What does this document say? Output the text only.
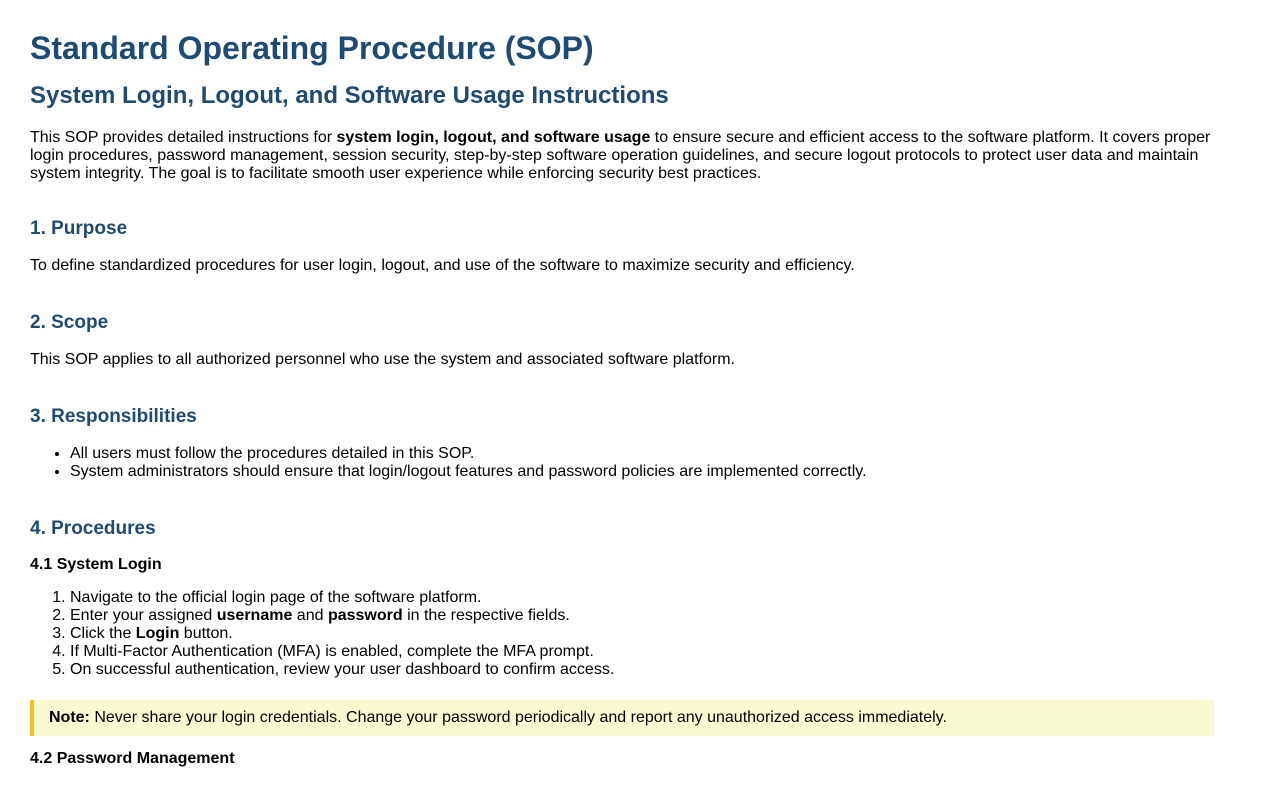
Standard Operating Procedure (SOP)
System Login, Logout, and Software Usage Instructions

This SOP provides detailed instructions for system login, logout, and software usage to ensure secure and efficient access to the software platform. It covers proper login procedures, password management, session security, step-by-step software operation guidelines, and secure logout protocols to protect user data and maintain system integrity. The goal is to facilitate smooth user experience while enforcing security best practices.

1. Purpose

To define standardized procedures for user login, logout, and use of the software to maximize security and efficiency.

2. Scope

This SOP applies to all authorized personnel who use the system and associated software platform.

3. Responsibilities
• All users must follow the procedures detailed in this SOP.
• System administrators should ensure that login/logout features and password policies are implemented correctly.
4. Procedures
4.1 System Login
1. Navigate to the official login page of the software platform.
2. Enter your assigned username and password in the respective fields.
3. Click the Login button.
4. If Multi-Factor Authentication (MFA) is enabled, complete the MFA prompt.
5. On successful authentication, review your user dashboard to confirm access.
Note: Never share your login credentials. Change your password periodically and report any unauthorized access immediately.
4.2 Password Management
